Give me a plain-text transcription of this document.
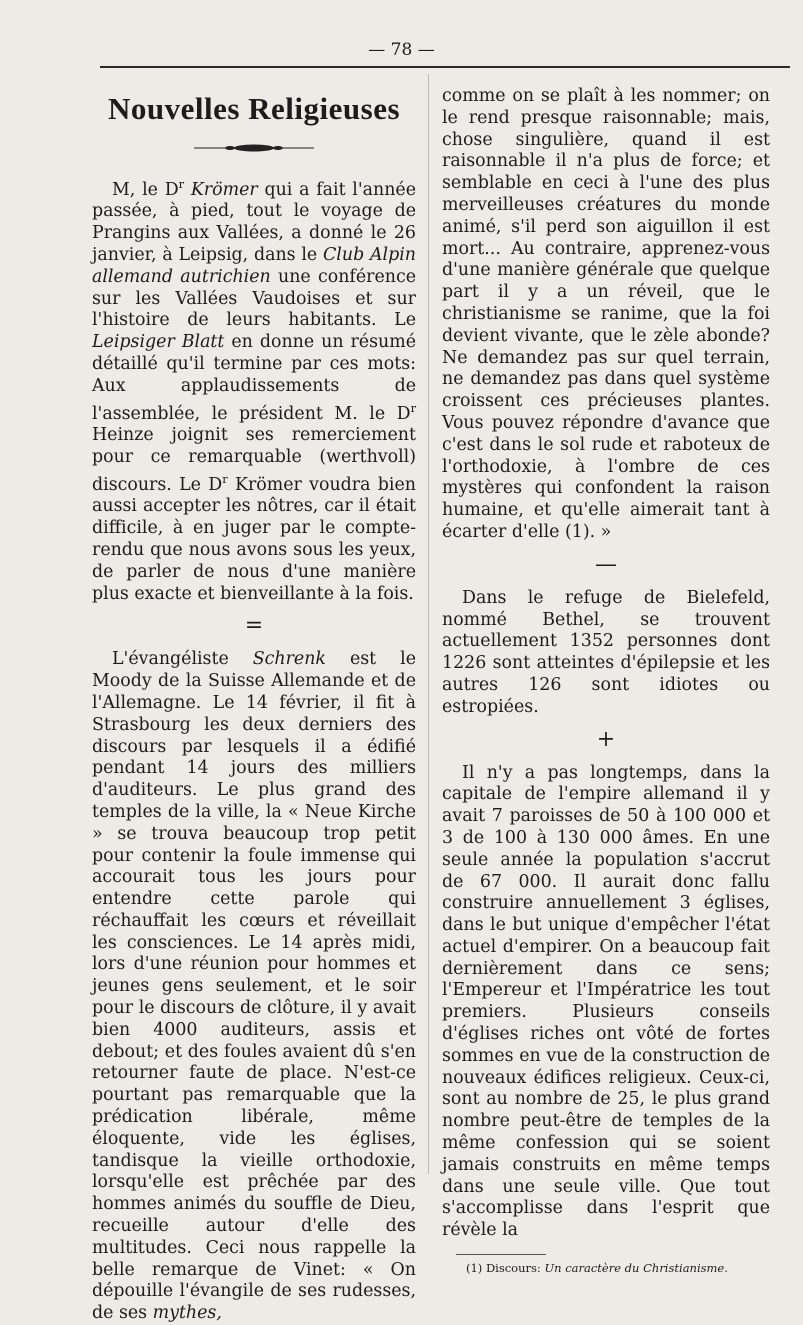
— 78 —
Nouvelles Religieuses

M, le $D^r$ Krömer qui a fait l'année passée, à pied, tout le voyage de Prangins aux Vallées, a donné le 26 janvier, à Leipsig, dans le Club Alpin allemand autrichien une conférence sur les Vallées Vaudoises et sur l'histoire de leurs habitants. Le Leipsiger Blatt en donne un résumé détaillé qu'il termine par ces mots: Aux applaudissements de l'assemblée, le président M. le $D^r$ Heinze joignit ses remerciement pour ce remarquable (werthvoll) discours. Le $D^r$ Krömer voudra bien aussi accepter les nôtres, car il était difficile, à en juger par le compte-rendu que nous avons sous les yeux, de parler de nous d'une manière plus exacte et bienveillante à la fois.

=

L'évangéliste Schrenk est le Moody de la Suisse Allemande et de l'Allemagne. Le 14 février, il fit à Strasbourg les deux derniers des discours par lesquels il a édifié pendant 14 jours des milliers d'auditeurs. Le plus grand des temples de la ville, la « Neue Kirche » se trouva beaucoup trop petit pour contenir la foule immense qui accourait tous les jours pour entendre cette parole qui réchauffait les cœurs et réveillait les consciences. Le 14 après midi, lors d'une réunion pour hommes et jeunes gens seulement, et le soir pour le discours de clôture, il y avait bien 4000 auditeurs, assis et debout; et des foules avaient dû s'en retourner faute de place. N'est-ce pourtant pas remarquable que la prédication libérale, même éloquente, vide les églises, tandisque la vieille orthodoxie, lorsqu'elle est prêchée par des hommes animés du souffle de Dieu, recueille autour d'elle des multitudes. Ceci nous rappelle la belle remarque de Vinet: « On dépouille l'évangile de ses rudesses, de ses mythes,

comme on se plaît à les nommer; on le rend presque raisonnable; mais, chose singulière, quand il est raisonnable il n'a plus de force; et semblable en ceci à l'une des plus merveilleuses créatures du monde animé, s'il perd son aiguillon il est mort... Au contraire, apprenez-vous d'une manière générale que quelque part il y a un réveil, que le christianisme se ranime, que la foi devient vivante, que le zèle abonde? Ne demandez pas sur quel terrain, ne demandez pas dans quel système croissent ces précieuses plantes. Vous pouvez répondre d'avance que c'est dans le sol rude et raboteux de l'orthodoxie, à l'ombre de ces mystères qui confondent la raison humaine, et qu'elle aimerait tant à écarter d'elle (1). »

—

Dans le refuge de Bielefeld, nommé Bethel, se trouvent actuellement 1352 personnes dont 1226 sont atteintes d'épilepsie et les autres 126 sont idiotes ou estropiées.

+

Il n'y a pas longtemps, dans la capitale de l'empire allemand il y avait 7 paroisses de 50 à 100 000 et 3 de 100 à 130 000 âmes. En une seule année la population s'accrut de 67 000. Il aurait donc fallu construire annuellement 3 églises, dans le but unique d'empêcher l'état actuel d'empirer. On a beaucoup fait dernièrement dans ce sens; l'Empereur et l'Impératrice les tout premiers. Plusieurs conseils d'églises riches ont vôté de fortes sommes en vue de la construction de nouveaux édifices religieux. Ceux-ci, sont au nombre de 25, le plus grand nombre peut-être de temples de la même confession qui se soient jamais construits en même temps dans une seule ville. Que tout s'accomplisse dans l'esprit que révèle la

(1) Discours: Un caractère du Christianisme.
